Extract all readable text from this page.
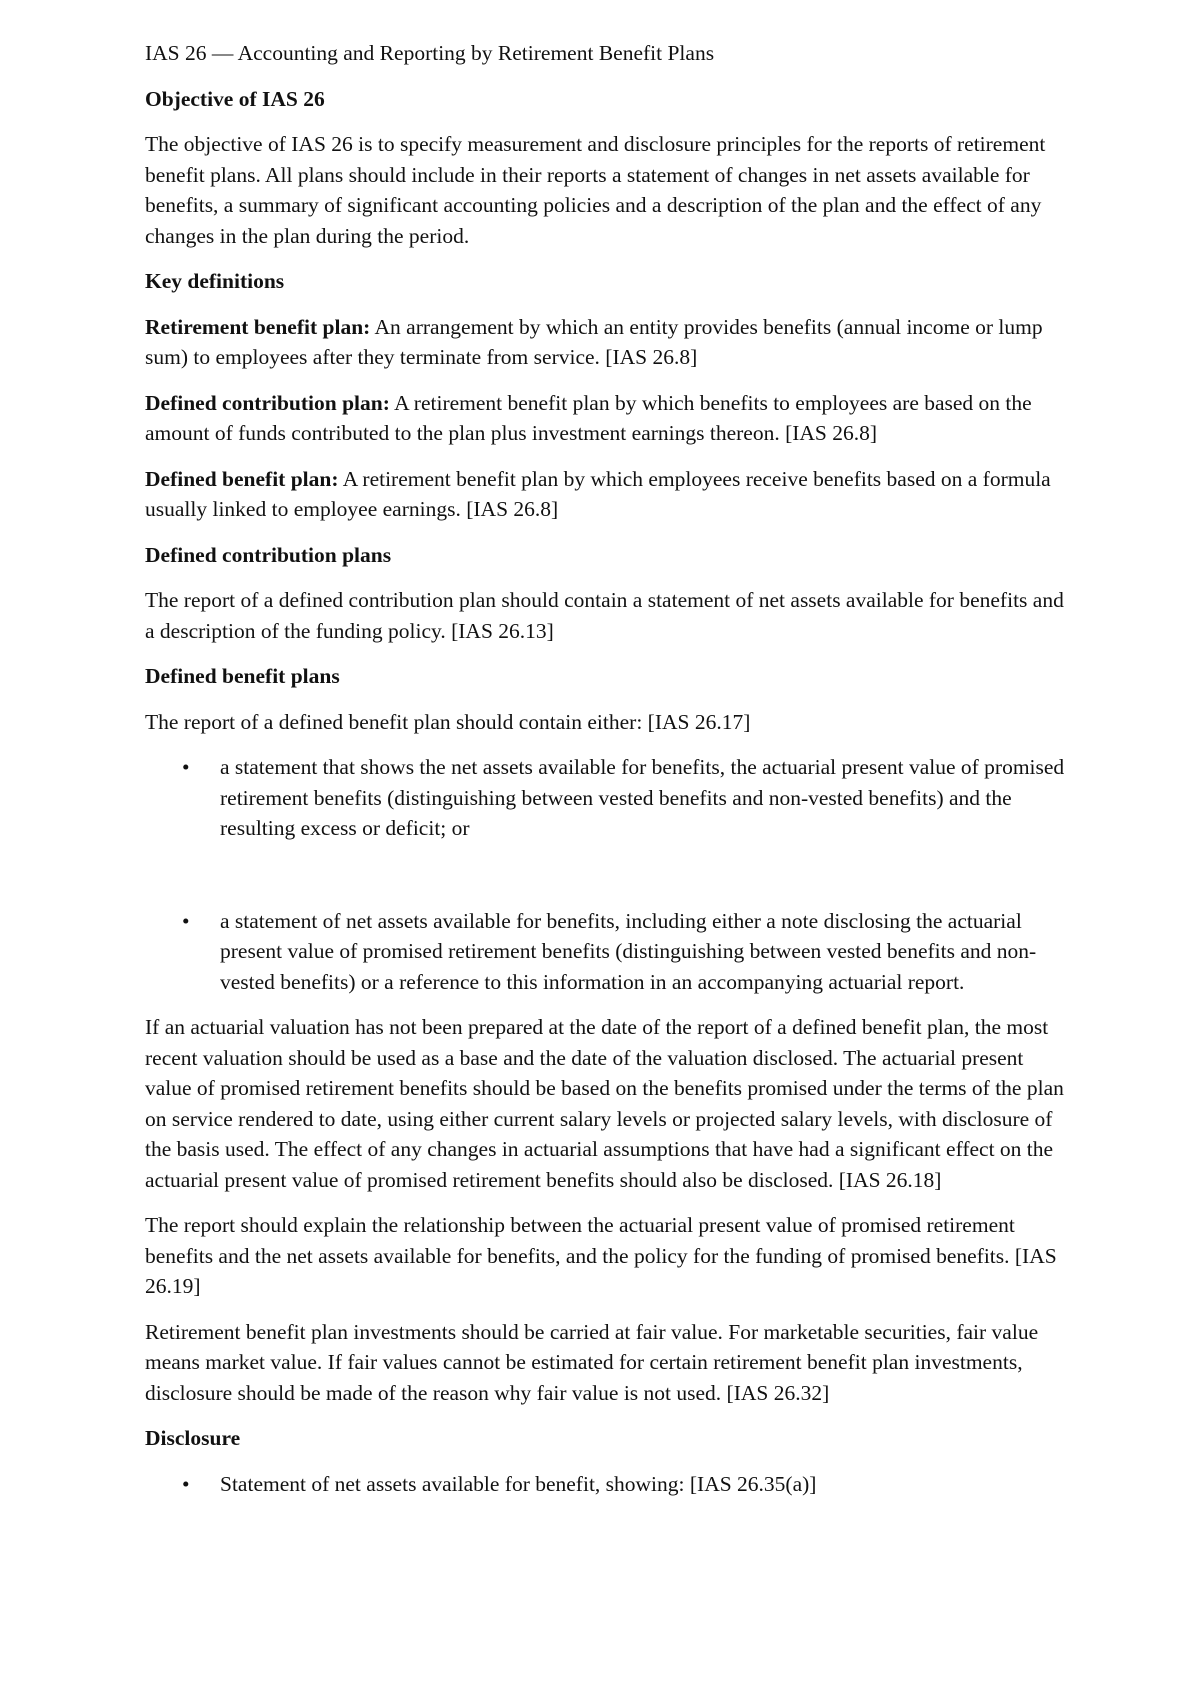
IAS 26 — Accounting and Reporting by Retirement Benefit Plans
Objective of IAS 26
The objective of IAS 26 is to specify measurement and disclosure principles for the reports of retirement benefit plans. All plans should include in their reports a statement of changes in net assets available for benefits, a summary of significant accounting policies and a description of the plan and the effect of any changes in the plan during the period.
Key definitions
Retirement benefit plan: An arrangement by which an entity provides benefits (annual income or lump sum) to employees after they terminate from service. [IAS 26.8]
Defined contribution plan: A retirement benefit plan by which benefits to employees are based on the amount of funds contributed to the plan plus investment earnings thereon. [IAS 26.8]
Defined benefit plan: A retirement benefit plan by which employees receive benefits based on a formula usually linked to employee earnings. [IAS 26.8]
Defined contribution plans
The report of a defined contribution plan should contain a statement of net assets available for benefits and a description of the funding policy. [IAS 26.13]
Defined benefit plans
The report of a defined benefit plan should contain either: [IAS 26.17]
• a statement that shows the net assets available for benefits, the actuarial present value of promised retirement benefits (distinguishing between vested benefits and non-vested benefits) and the resulting excess or deficit; or
• a statement of net assets available for benefits, including either a note disclosing the actuarial present value of promised retirement benefits (distinguishing between vested benefits and non-vested benefits) or a reference to this information in an accompanying actuarial report.
If an actuarial valuation has not been prepared at the date of the report of a defined benefit plan, the most recent valuation should be used as a base and the date of the valuation disclosed. The actuarial present value of promised retirement benefits should be based on the benefits promised under the terms of the plan on service rendered to date, using either current salary levels or projected salary levels, with disclosure of the basis used. The effect of any changes in actuarial assumptions that have had a significant effect on the actuarial present value of promised retirement benefits should also be disclosed. [IAS 26.18]
The report should explain the relationship between the actuarial present value of promised retirement benefits and the net assets available for benefits, and the policy for the funding of promised benefits. [IAS 26.19]
Retirement benefit plan investments should be carried at fair value. For marketable securities, fair value means market value. If fair values cannot be estimated for certain retirement benefit plan investments, disclosure should be made of the reason why fair value is not used. [IAS 26.32]
Disclosure
• Statement of net assets available for benefit, showing: [IAS 26.35(a)]
